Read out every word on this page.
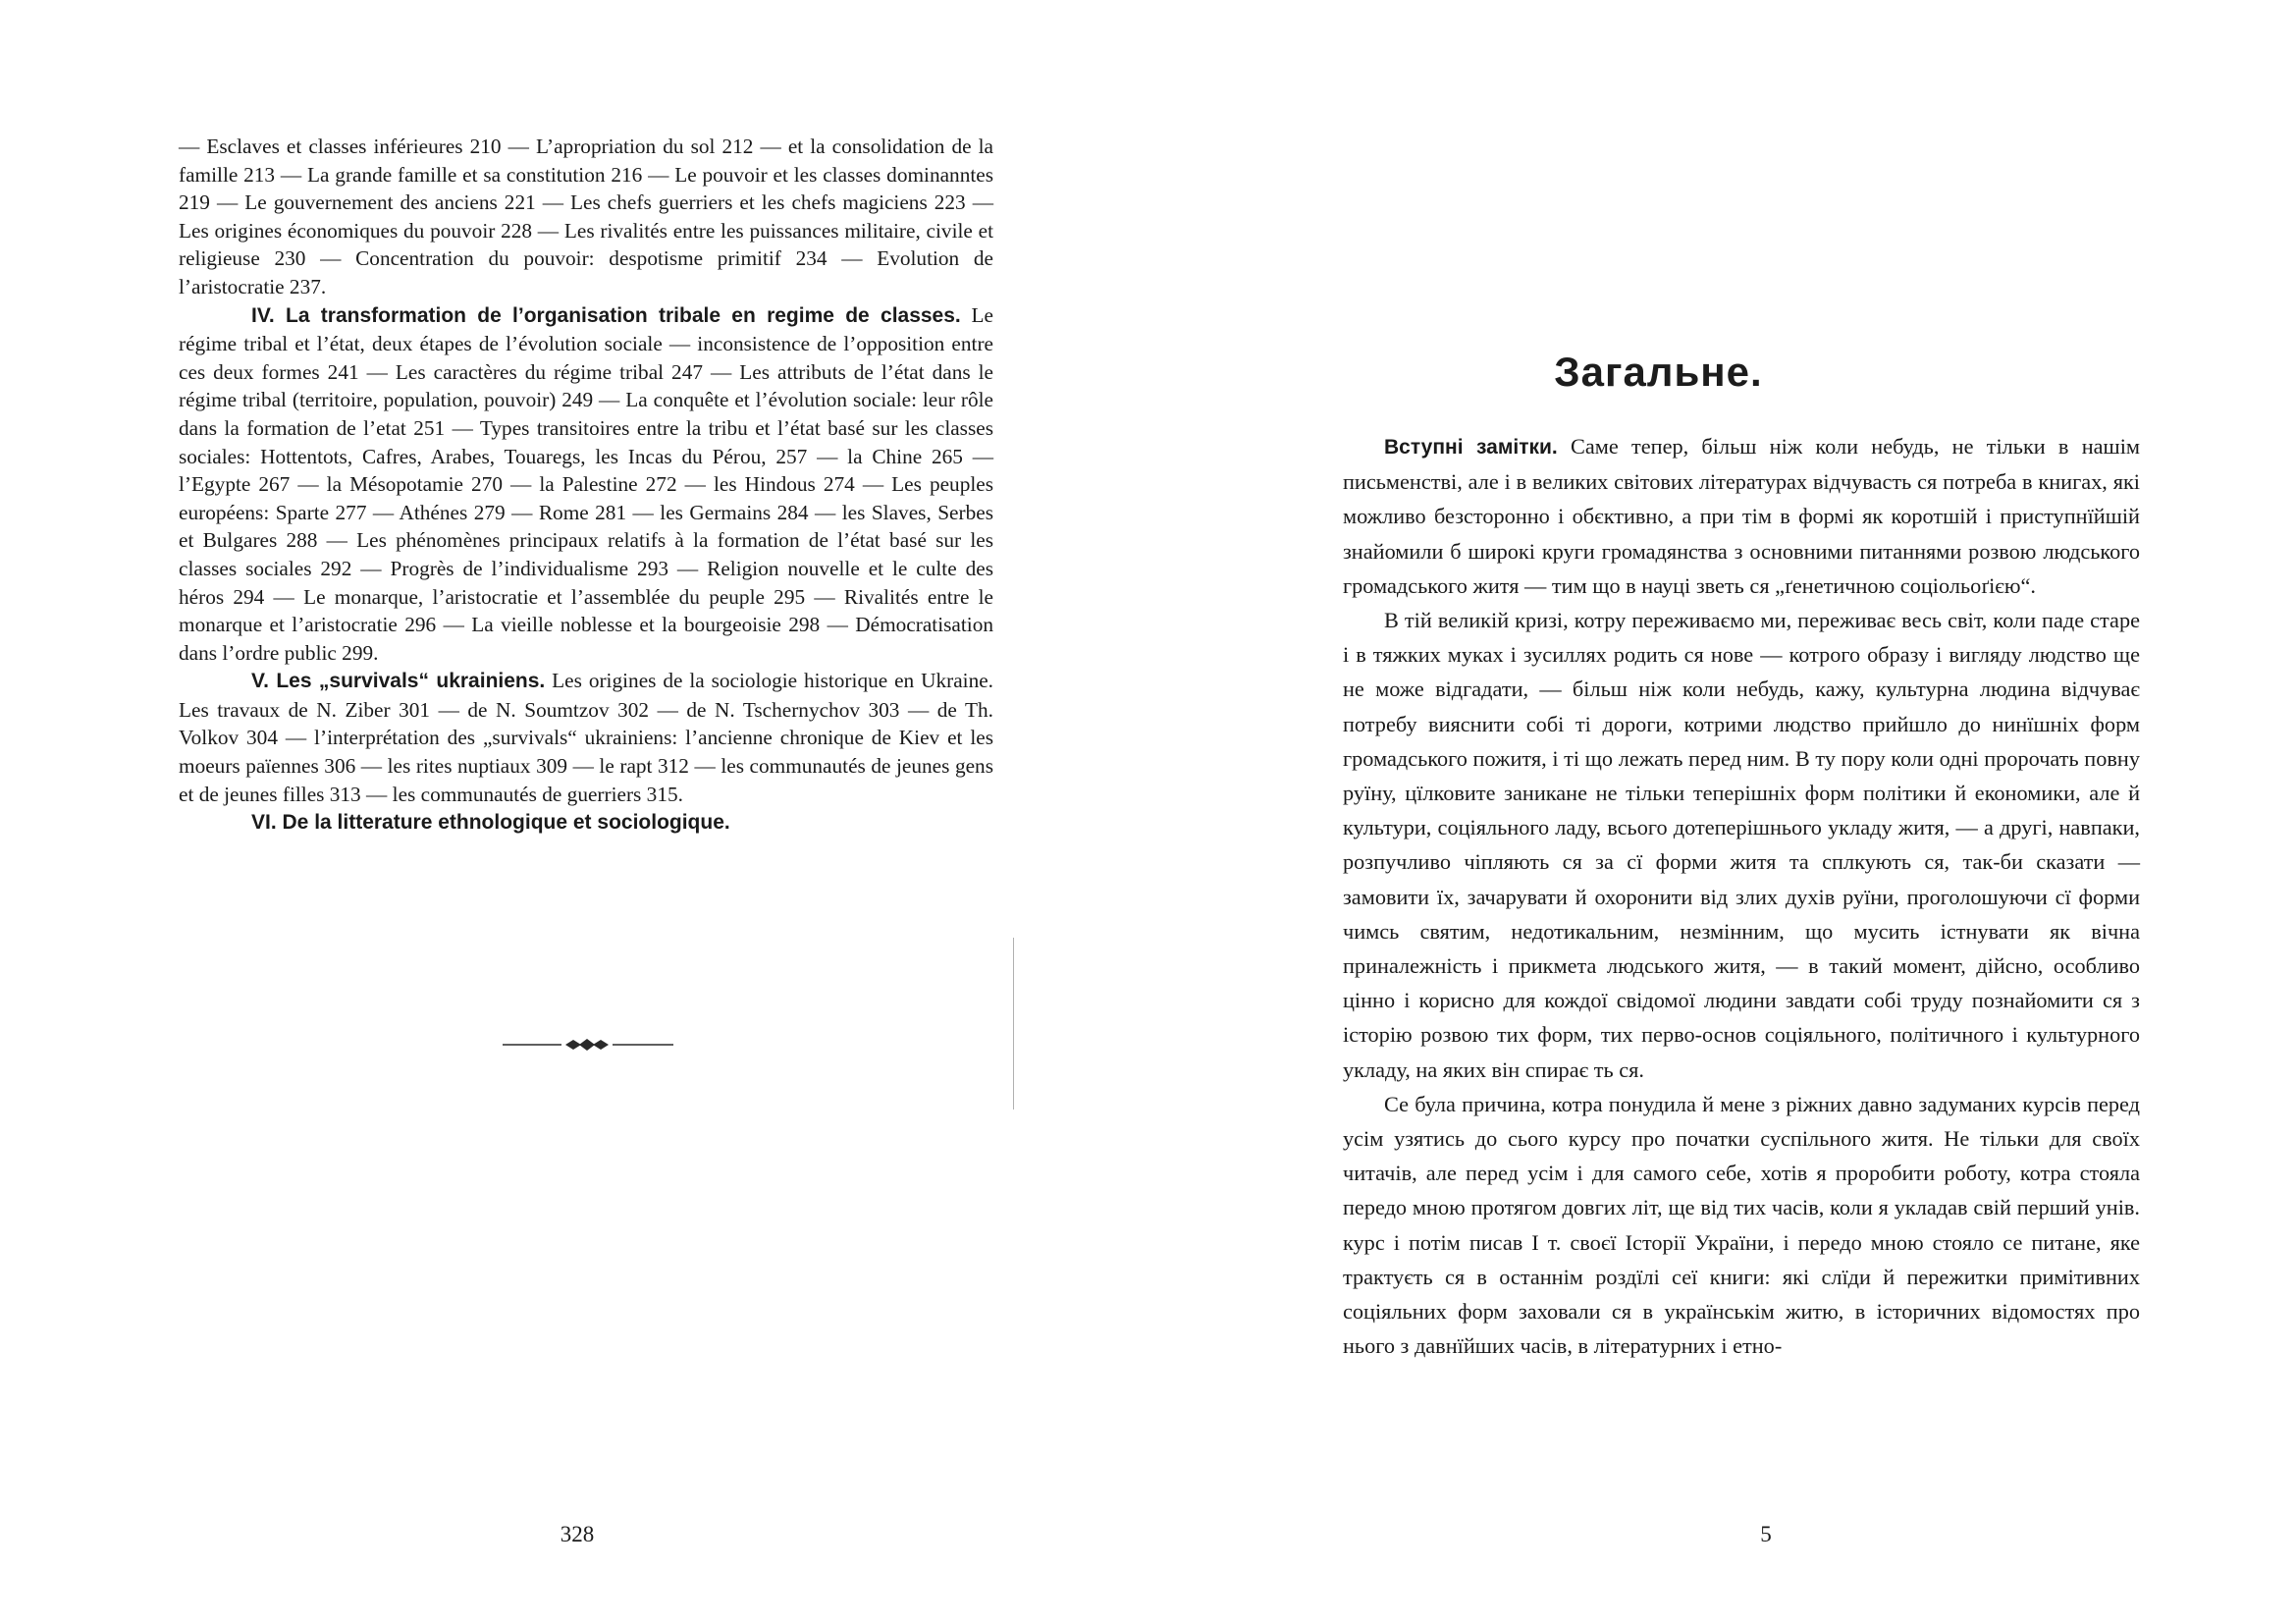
— Esclaves et classes inférieures 210 — L’apropriation du sol 212 — et la consolidation de la famille 213 — La grande famille et sa constitution 216 — Le pouvoir et les classes dominanntes 219 — Le gouvernement des anciens 221 — Les chefs guerriers et les chefs magiciens 223 — Les origines économiques du pouvoir 228 — Les rivalités entre les puissances militaire, civile et religieuse 230 — Concentration du pouvoir: despotisme primitif 234 — Evolution de l’aristocratie 237.

IV. La transformation de l’organisation tribale en regime de classes. Le régime tribal et l’état, deux étapes de l’évolution sociale — inconsistence de l’opposition entre ces deux formes 241 — Les caractères du régime tribal 247 — Les attributs de l’état dans le régime tribal (territoire, population, pouvoir) 249 — La conquête et l’évolution sociale: leur rôle dans la formation de l’etat 251 — Types transitoires entre la tribu et l’état basé sur les classes sociales: Hottentots, Cafres, Arabes, Touaregs, les Incas du Pérou, 257 — la Chine 265 — l’Egypte 267 — la Mésopotamie 270 — la Palestine 272 — les Hindous 274 — Les peuples européens: Sparte 277 — Athénes 279 — Rome 281 — les Germains 284 — les Slaves, Serbes et Bulgares 288 — Les phénomènes principaux relatifs à la formation de l’état basé sur les classes sociales 292 — Progrès de l’individualisme 293 — Religion nouvelle et le culte des héros 294 — Le monarque, l’aristocratie et l’assemblée du peuple 295 — Rivalités entre le monarque et l’aristocratie 296 — La vieille noblesse et la bourgeoisie 298 — Démocratisation dans l’ordre public 299.

V. Les „survivals“ ukrainiens. Les origines de la sociologie historique en Ukraine. Les travaux de N. Ziber 301 — de N. Soumtzov 302 — de N. Tschernychov 303 — de Th. Volkov 304 — l’interprétation des „survivals“ ukrainiens: l’ancienne chronique de Kiev et les moeurs païennes 306 — les rites nuptiaux 309 — le rapt 312 — les communautés de jeunes gens et de jeunes filles 313 — les communautés de guerriers 315.

VI. De la litterature ethnologique et sociologique.

328
Загальне.

Вступні замітки. Саме тепер, більш ніж коли небудь, не тільки в нашім письменстві, але і в великих світових літературах відчувасть ся потреба в книгах, які можливо безсторонно і обєктивно, а при тім в формі як коротшій і приступнїйшій знайомили б широкі круги громадянства з основними питаннями розвою людського громадського житя — тим що в науці зветь ся „ґенетичною соціольоґією“.

В тій великій кризі, котру переживаємо ми, переживає весь світ, коли паде старе і в тяжких муках і зусиллях родить ся нове — котрого образу і вигляду людство ще не може відгадати, — більш ніж коли небудь, кажу, культурна людина відчуває потребу вияснити собі ті дороги, котрими людство прийшло до нинїшніх форм громадського пожитя, і ті що лежать перед ним. В ту пору коли одні пророчать повну руїну, цїлковите заникане не тільки теперішніх форм політики й економики, але й культури, соціяльного ладу, всього дотеперішнього укладу житя, — а другі, навпаки, розпучливо чіпляють ся за сї форми житя та сплкують ся, так-би сказати — замовити їх, зачарувати й охоронити від злих духів руїни, проголошуючи сї форми чимсь святим, недотикальним, незмінним, що мусить істнувати як вічна приналежність і прикмета людського житя, — в такий момент, дійсно, особливо цінно і корисно для кождої свідомої людини завдати собі труду познайомити ся з історію розвою тих форм, тих перво-основ соціяльного, політичного і культурного укладу, на яких він спирає ть ся.

Се була причина, котра понудила й мене з ріжних давно задуманих курсів перед усім узятись до сього курсу про початки суспільного житя. Не тільки для своїх читачів, але перед усім і для самого себе, хотів я проробити роботу, котра стояла передо мною протягом довгих літ, ще від тих часів, коли я укладав свій перший унів. курс і потім писав I т. своєї Історії України, і передо мною стояло се питане, яке трактуєть ся в останнім роздїлі сеї книги: які слїди й пережитки примітивних соціяльних форм заховали ся в українськім житю, в історичних відомостях про нього з давнїйших часів, в літературних і етно-

5
